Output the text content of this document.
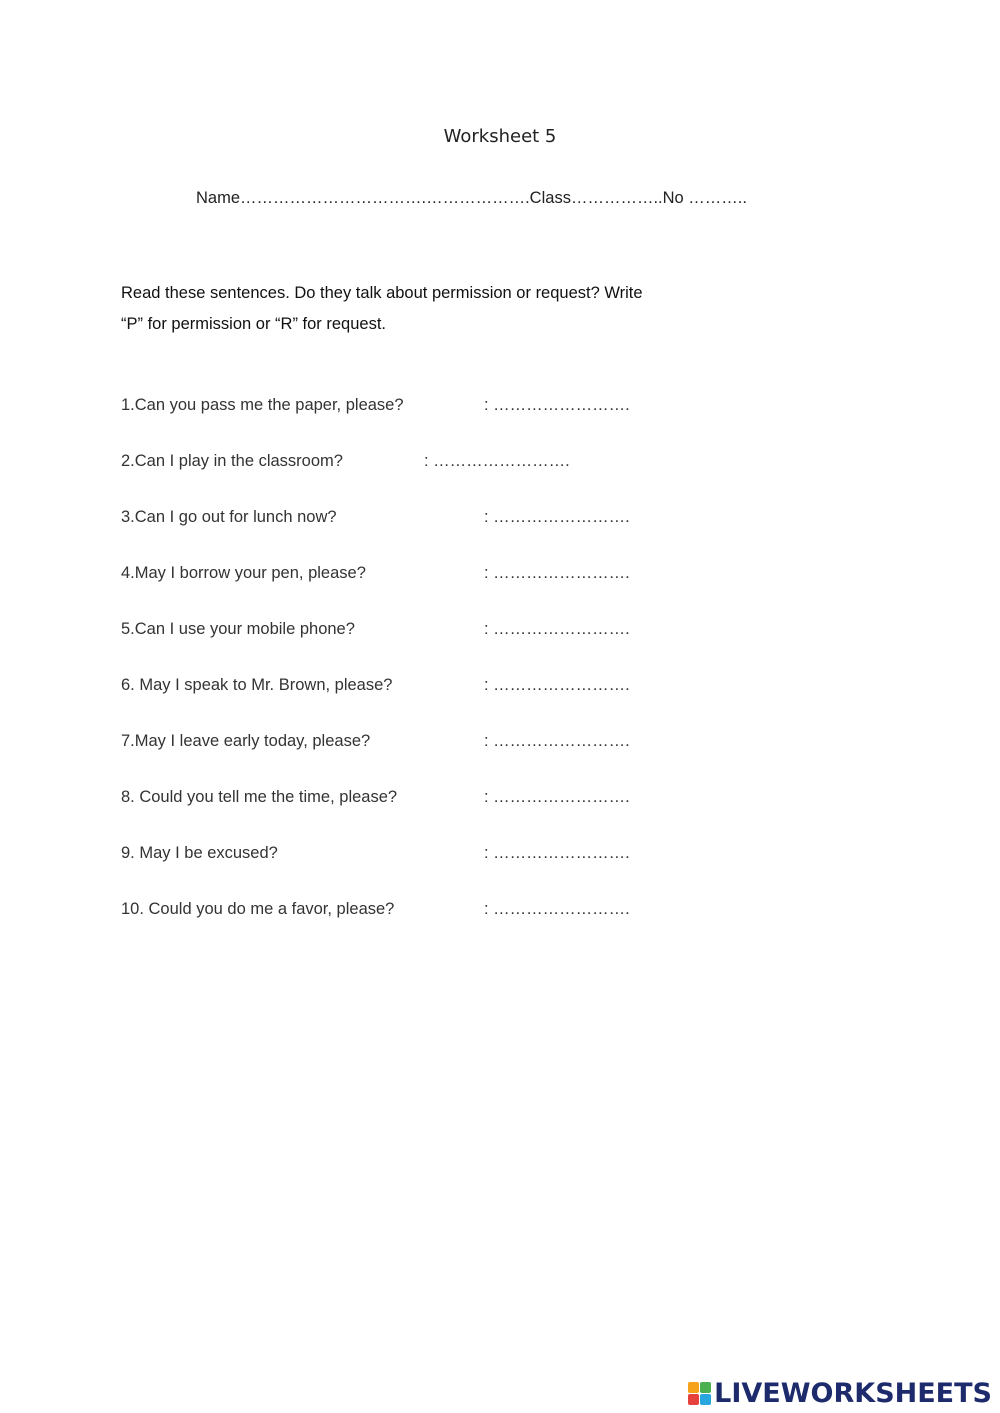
Worksheet 5
Name…………………………….……………….Class……………..No ………..

Read these sentences. Do they talk about permission or request? Write

“P” for permission or “R” for request.

1.Can you pass me the paper, please?	: …………………….
2.Can I play in the classroom?	: …………………….
3.Can I go out for lunch now?	: …………………….
4.May I borrow your pen, please?	: …………………….
5.Can I use your mobile phone?	: …………………….
6. May I speak to Mr. Brown, please?	: …………………….
7.May I leave early today, please?	: …………………….
8. Could you tell me the time, please?	: …………………….
9. May I be excused?	: …………………….
10. Could you do me a favor, please?	: …………………….
LIVEWORKSHEETS
